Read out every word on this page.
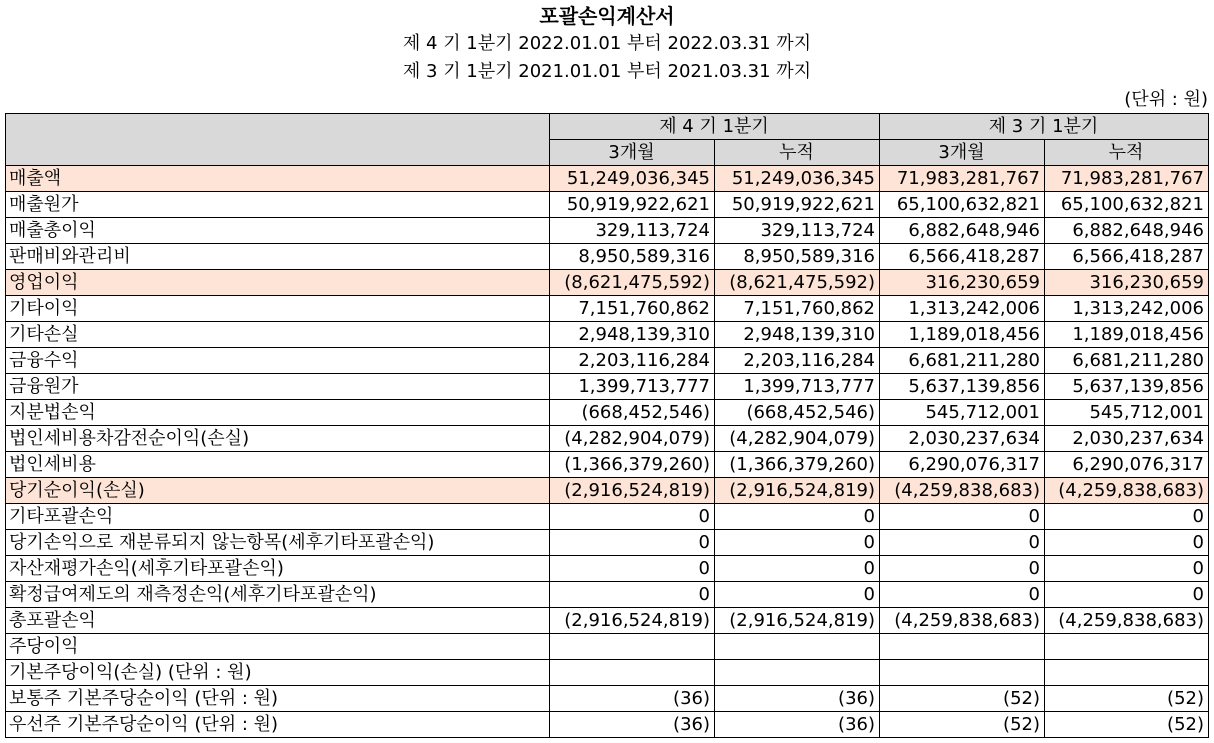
포괄손익계산서
제 4 기 1분기 2022.01.01 부터 2022.03.31 까지
제 3 기 1분기 2021.01.01 부터 2021.03.31 까지
(단위 : 원)
	제 4 기 1분기		제 3 기 1분기	
	3개월	누적	3개월	누적
매출액	51,249,036,345	51,249,036,345	71,983,281,767	71,983,281,767
매출원가	50,919,922,621	50,919,922,621	65,100,632,821	65,100,632,821
매출총이익	329,113,724	329,113,724	6,882,648,946	6,882,648,946
판매비와관리비	8,950,589,316	8,950,589,316	6,566,418,287	6,566,418,287
영업이익	(8,621,475,592)	(8,621,475,592)	316,230,659	316,230,659
기타이익	7,151,760,862	7,151,760,862	1,313,242,006	1,313,242,006
기타손실	2,948,139,310	2,948,139,310	1,189,018,456	1,189,018,456
금융수익	2,203,116,284	2,203,116,284	6,681,211,280	6,681,211,280
금융원가	1,399,713,777	1,399,713,777	5,637,139,856	5,637,139,856
지분법손익	(668,452,546)	(668,452,546)	545,712,001	545,712,001
법인세비용차감전순이익(손실)	(4,282,904,079)	(4,282,904,079)	2,030,237,634	2,030,237,634
법인세비용	(1,366,379,260)	(1,366,379,260)	6,290,076,317	6,290,076,317
당기순이익(손실)	(2,916,524,819)	(2,916,524,819)	(4,259,838,683)	(4,259,838,683)
기타포괄손익	0	0	0	0
당기손익으로 재분류되지 않는항목(세후기타포괄손익)	0	0	0	0
자산재평가손익(세후기타포괄손익)	0	0	0	0
확정급여제도의 재측정손익(세후기타포괄손익)	0	0	0	0
총포괄손익	(2,916,524,819)	(2,916,524,819)	(4,259,838,683)	(4,259,838,683)
주당이익				
기본주당이익(손실) (단위 : 원)				
보통주 기본주당순이익 (단위 : 원)	(36)	(36)	(52)	(52)
우선주 기본주당순이익 (단위 : 원)	(36)	(36)	(52)	(52)
